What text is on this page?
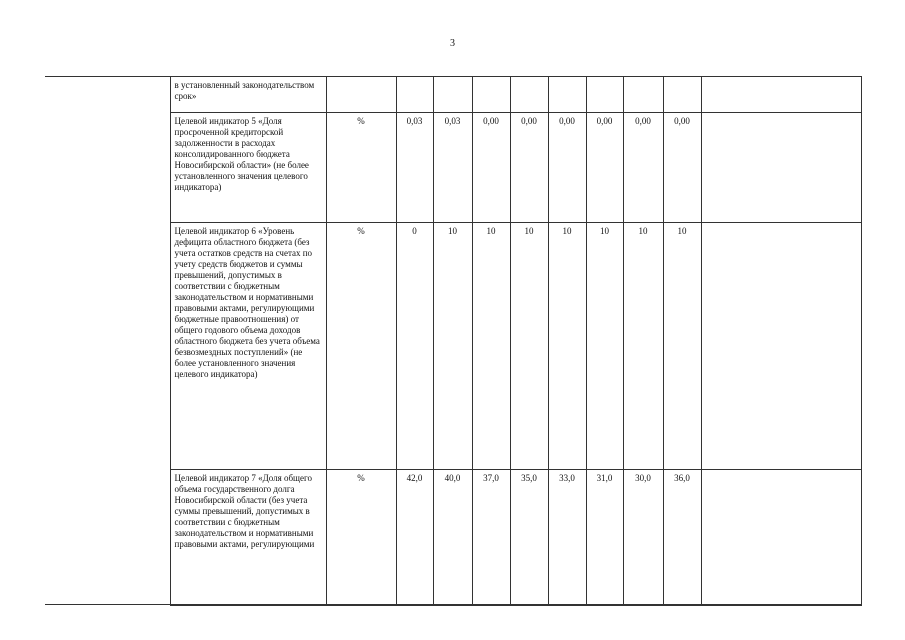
3
	в установленный законодательством срок»										
	Целевой индикатор 5 «Доля просроченной кредиторской задолженности в расходах консолидированного бюджета Новосибирской области» (не более установленного значения целевого индикатора)	%	0,03	0,03	0,00	0,00	0,00	0,00	0,00	0,00	
	Целевой индикатор 6 «Уровень дефицита областного бюджета (без учета остатков средств на счетах по учету средств бюджетов и суммы превышений, допустимых в соответствии с бюджетным законодательством и нормативными правовыми актами, регулирующими бюджетные правоотношения) от общего годового объема доходов областного бюджета без учета объема безвозмездных поступлений» (не более установленного значения целевого индикатора)	%	0	10	10	10	10	10	10	10	
	Целевой индикатор 7 «Доля общего объема государственного долга Новосибирской области (без учета суммы превышений, допустимых в соответствии с бюджетным законодательством и нормативными правовыми актами, регулирующими	%	42,0	40,0	37,0	35,0	33,0	31,0	30,0	36,0	
